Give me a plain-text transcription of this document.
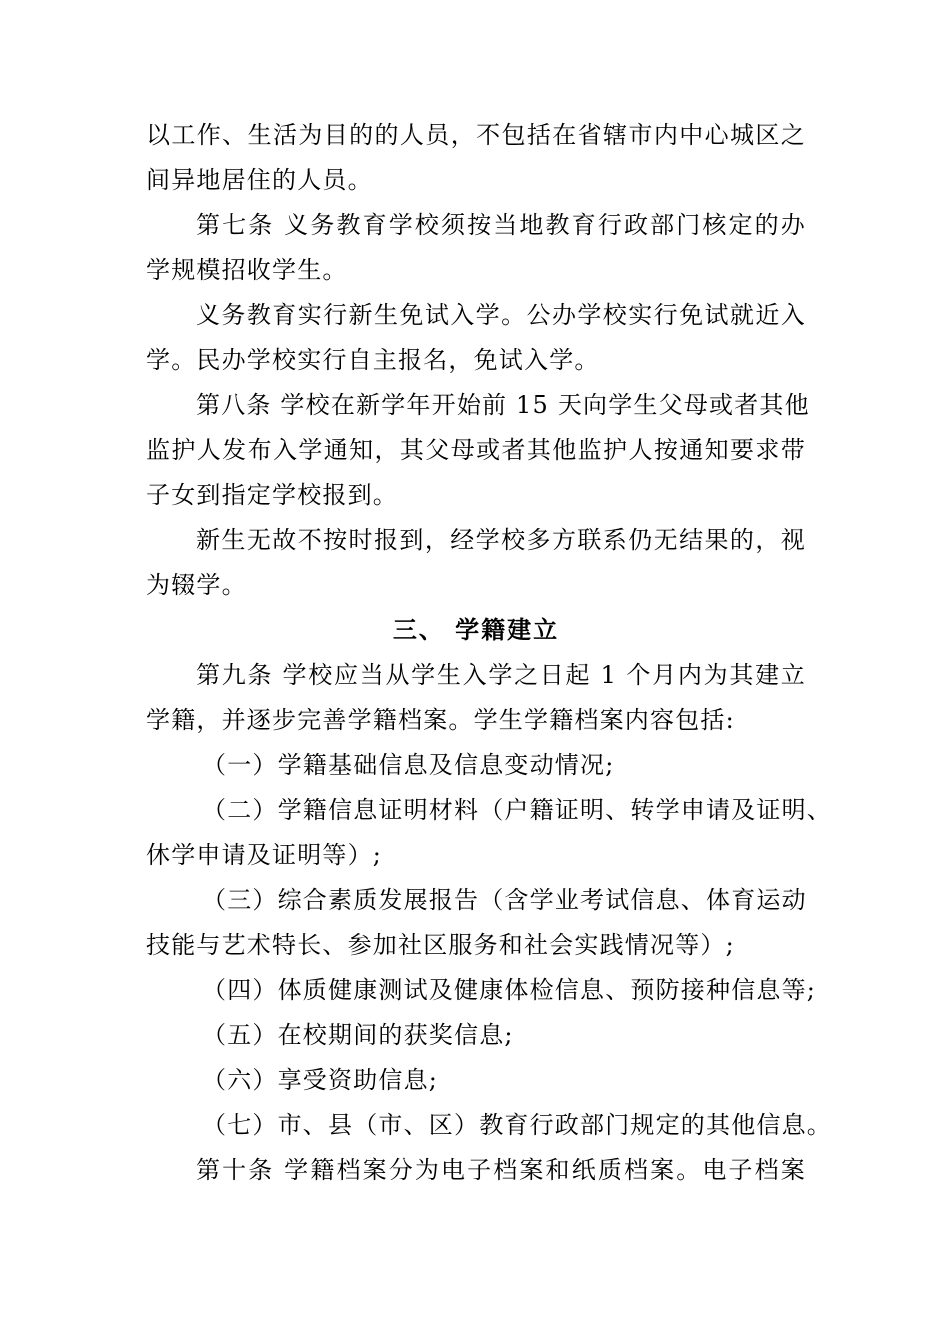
以工作、生活为目的的人员，不包括在省辖市内中心城区之
间异地居住的人员。
第七条 义务教育学校须按当地教育行政部门核定的办
学规模招收学生。
义务教育实行新生免试入学。公办学校实行免试就近入
学。民办学校实行自主报名，免试入学。
第八条 学校在新学年开始前 15 天向学生父母或者其他
监护人发布入学通知，其父母或者其他监护人按通知要求带
子女到指定学校报到。
新生无故不按时报到，经学校多方联系仍无结果的，视
为辍学。
三、 学籍建立
第九条 学校应当从学生入学之日起 1 个月内为其建立
学籍，并逐步完善学籍档案。学生学籍档案内容包括:
（一）学籍基础信息及信息变动情况;
（二）学籍信息证明材料（户籍证明、转学申请及证明、
休学申请及证明等）;
（三）综合素质发展报告（含学业考试信息、体育运动
技能与艺术特长、参加社区服务和社会实践情况等）;
（四）体质健康测试及健康体检信息、预防接种信息等;
（五）在校期间的获奖信息;
（六）享受资助信息;
（七）市、县（市、区）教育行政部门规定的其他信息。
第十条 学籍档案分为电子档案和纸质档案。电子档案
